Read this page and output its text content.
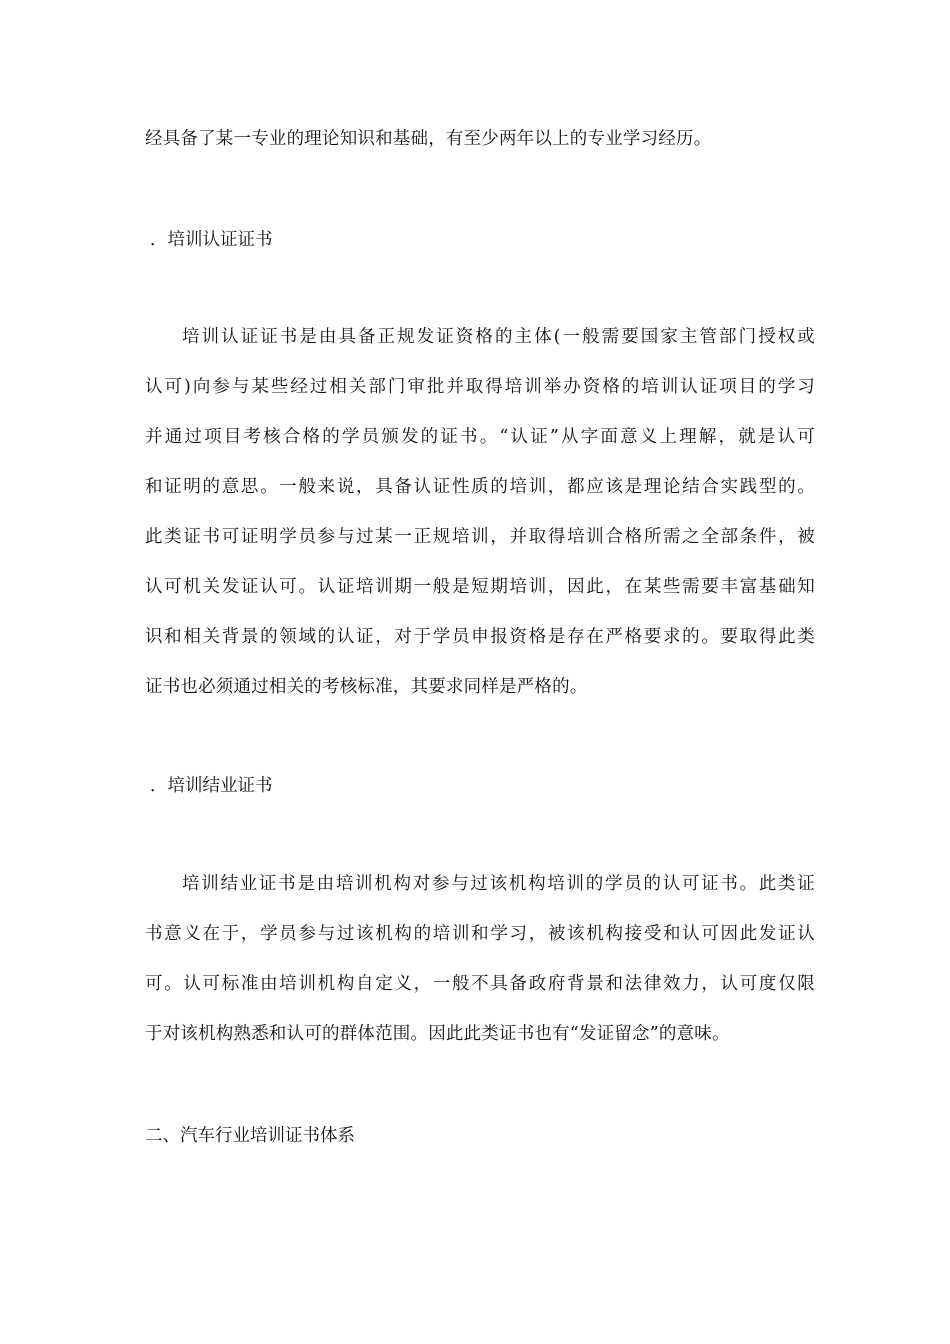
经具备了某一专业的理论知识和基础，有至少两年以上的专业学习经历。
．培训认证证书
培训认证证书是由具备正规发证资格的主体(一般需要国家主管部门授权或
认可)向参与某些经过相关部门审批并取得培训举办资格的培训认证项目的学习
并通过项目考核合格的学员颁发的证书。“认证”从字面意义上理解，就是认可
和证明的意思。一般来说，具备认证性质的培训，都应该是理论结合实践型的。
此类证书可证明学员参与过某一正规培训，并取得培训合格所需之全部条件，被
认可机关发证认可。认证培训期一般是短期培训，因此，在某些需要丰富基础知
识和相关背景的领域的认证，对于学员申报资格是存在严格要求的。要取得此类
证书也必须通过相关的考核标准，其要求同样是严格的。
．培训结业证书
培训结业证书是由培训机构对参与过该机构培训的学员的认可证书。此类证
书意义在于，学员参与过该机构的培训和学习，被该机构接受和认可因此发证认
可。认可标准由培训机构自定义，一般不具备政府背景和法律效力，认可度仅限
于对该机构熟悉和认可的群体范围。因此此类证书也有“发证留念”的意味。
二、汽车行业培训证书体系
